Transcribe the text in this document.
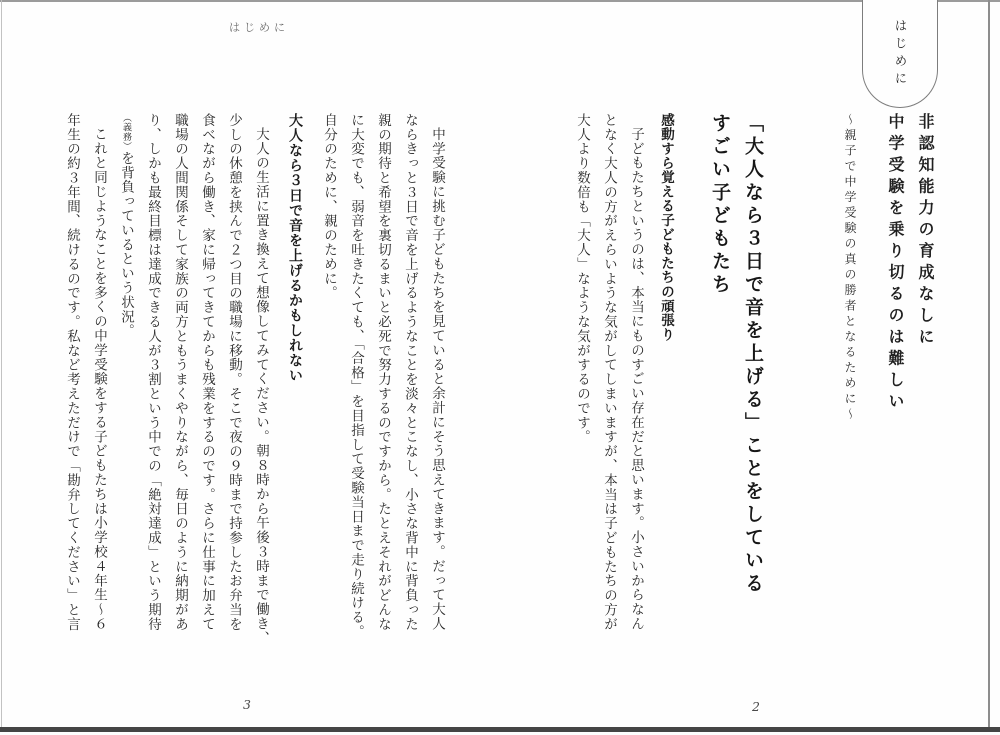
はじめに
はじめに
非認知能力の育成なしに
中学受験を乗り切るのは難しい
〜親子で中学受験の真の勝者となるために〜
「大人なら３日で音を上げる」ことをしている
すごい子どもたち
感動すら覚える子どもたちの頑張り
子どもたちというのは、本当にものすごい存在だと思います。小さいからなん
となく大人の方がえらいような気がしてしまいますが、本当は子どもたちの方が
大人より数倍も「大人」なような気がするのです。
中学受験に挑む子どもたちを見ていると余計にそう思えてきます。だって大人
ならきっと３日で音を上げるようなことを淡々とこなし、小さな背中に背負った
親の期待と希望を裏切るまいと必死で努力するのですから。たとえそれがどんな
に大変でも、弱音を吐きたくても、「合格」を目指して受験当日まで走り続ける。
自分のために、親のために。
大人なら３日で音を上げるかもしれない
大人の生活に置き換えて想像してみてください。朝８時から午後３時まで働き、
少しの休憩を挟んで２つ目の職場に移動。そこで夜の９時まで持参したお弁当を
食べながら働き、家に帰ってきてからも残業をするのです。さらに仕事に加えて
職場の人間関係そして家族の両方ともうまくやりながら、毎日のように納期があ
り、しかも最終目標は達成できる人が３割という中での「絶対達成」という期待
（義務）を背負っているという状況。
これと同じようなことを多くの中学受験をする子どもたちは小学校４年生〜６
年生の約３年間、続けるのです。私など考えただけで「勘弁してください」と言
3	2
